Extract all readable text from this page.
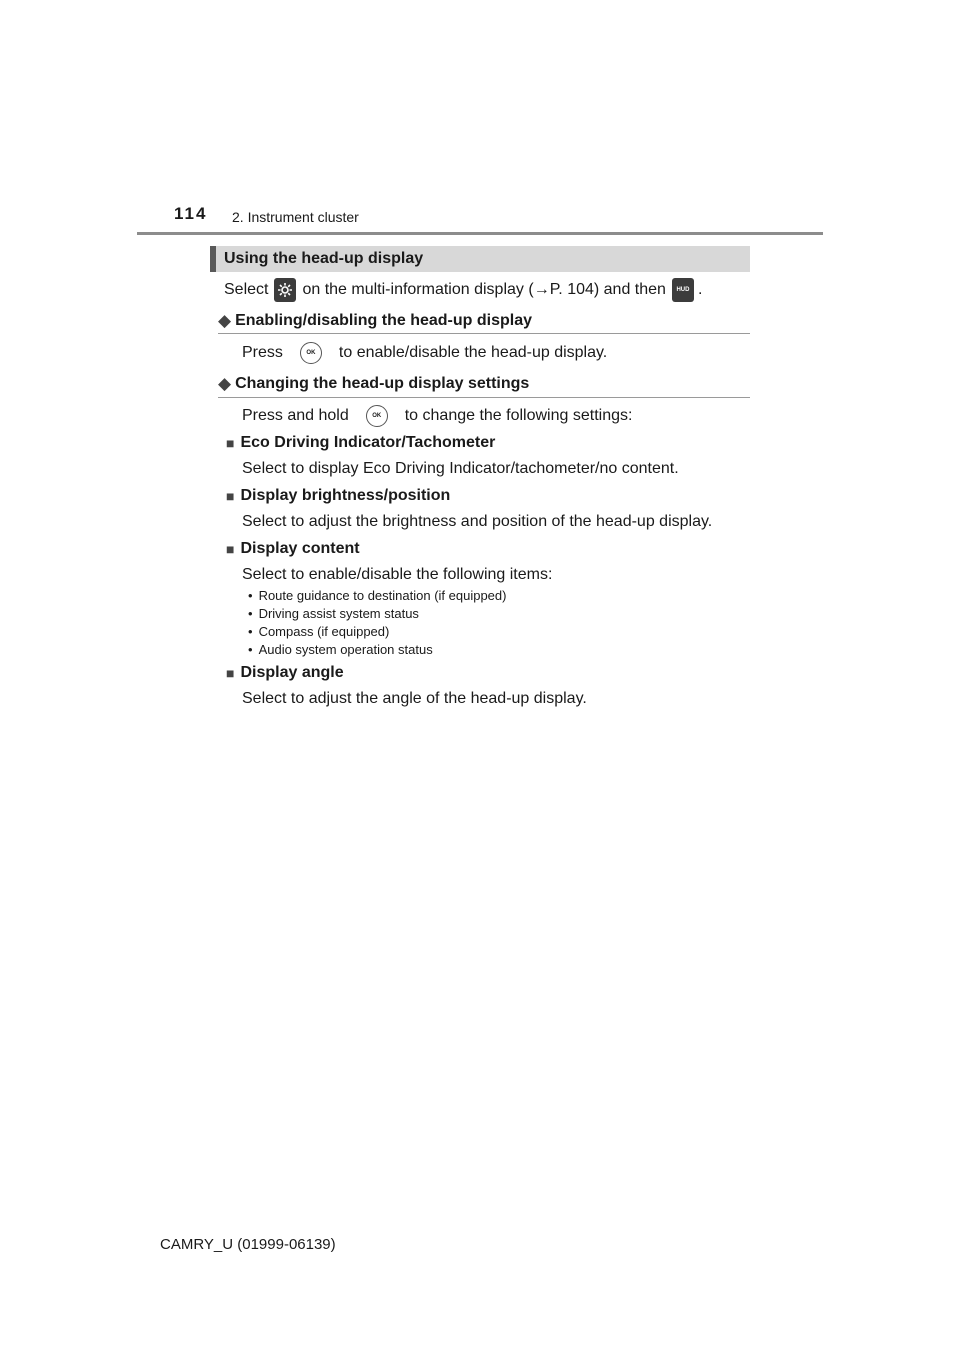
114 2. Instrument cluster
Using the head-up display
Select on the multi-information display ( → P. 104) and then	HUD .
◆ Enabling/disabling the head-up display
Press	OK	to enable/disable the head-up display.
◆ Changing the head-up display settings
Press and hold	OK	to change the following settings:
■ Eco Driving Indicator/Tachometer
Select to display Eco Driving Indicator/tachometer/no content.
■ Display brightness/position
Select to adjust the brightness and position of the head-up display.
■ Display content
Select to enable/disable the following items:
• Route guidance to destination (if equipped)
• Driving assist system status
• Compass (if equipped)
• Audio system operation status
■ Display angle
Select to adjust the angle of the head-up display.
CAMRY_U (01999-06139)
